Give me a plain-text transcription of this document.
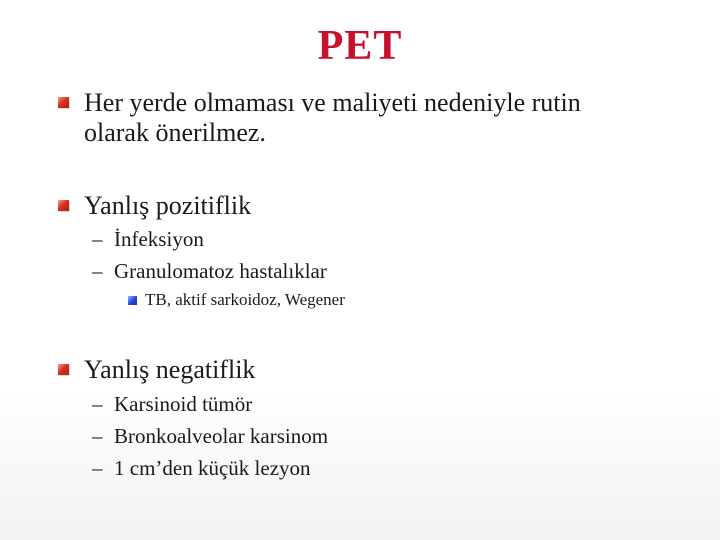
PET
Her yerde olmaması ve maliyeti nedeniyle rutin
olarak önerilmez.
Yanlış pozitiflik
– İnfeksiyon
– Granulomatoz hastalıklar
TB, aktif sarkoidoz, Wegener
Yanlış negatiflik
– Karsinoid tümör
– Bronkoalveolar karsinom
– 1 cm’den küçük lezyon
